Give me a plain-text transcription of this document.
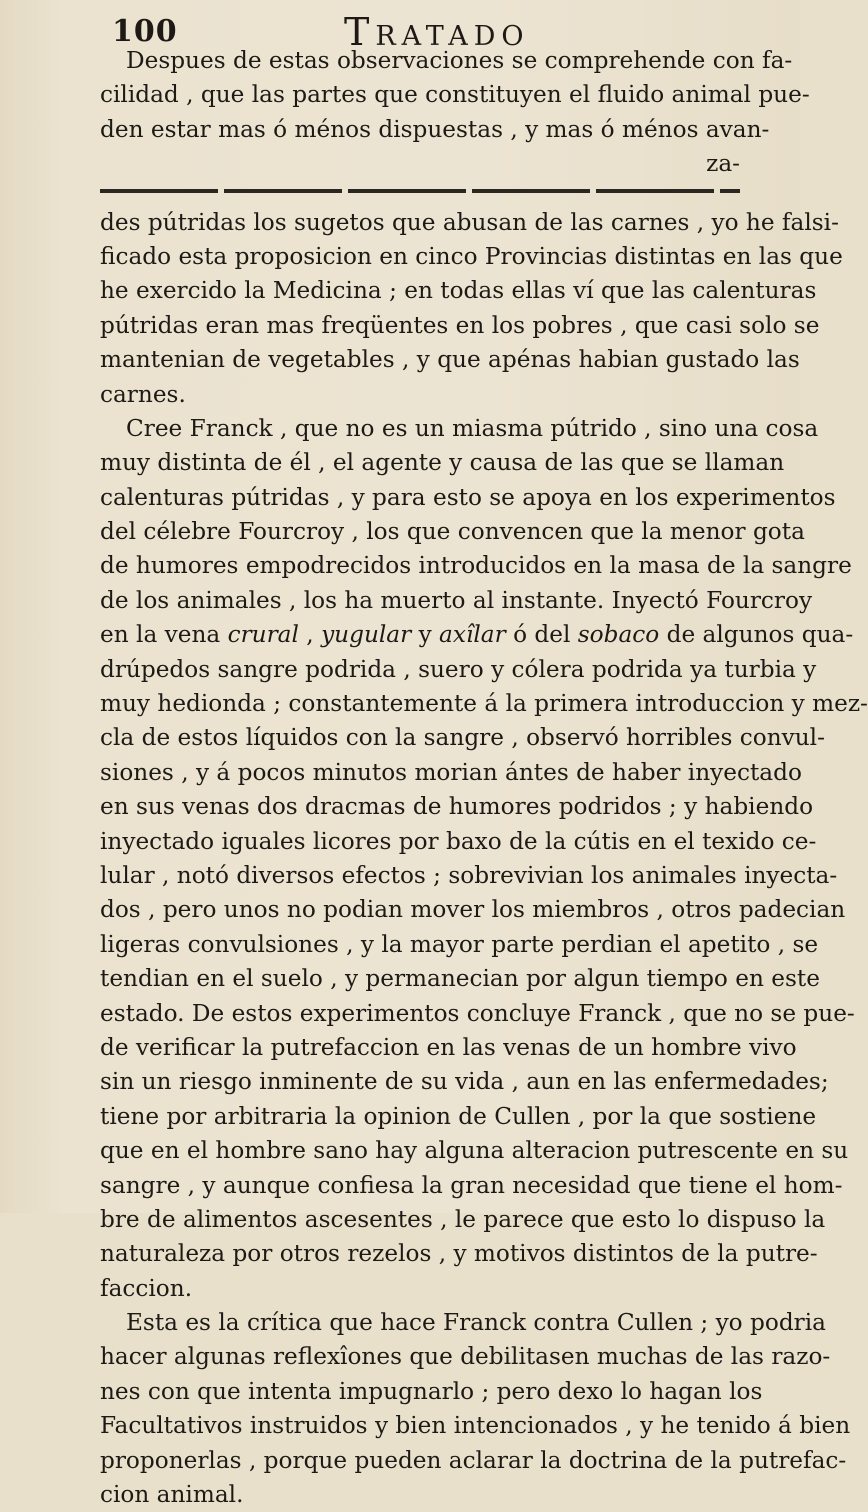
100	Tratado
Despues de estas observaciones se comprehende con fa-
cilidad , que las partes que constituyen el fluido animal pue-
den estar mas ó ménos dispuestas , y mas ó ménos avan-
za-
des pútridas los sugetos que abusan de las carnes , yo he falsi-
ficado esta proposicion en cinco Provincias distintas en las que
he exercido la Medicina ; en todas ellas ví que las calenturas
pútridas eran mas freqüentes en los pobres , que casi solo se
mantenian de vegetables , y que apénas habian gustado las
carnes.
Cree Franck , que no es un miasma pútrido , sino una cosa
muy distinta de él , el agente y causa de las que se llaman
calenturas pútridas , y para esto se apoya en los experimentos
del célebre Fourcroy , los que convencen que la menor gota
de humores empodrecidos introducidos en la masa de la sangre
de los animales , los ha muerto al instante. Inyectó Fourcroy
en la vena crural , yugular y axîlar ó del sobaco de algunos qua-
drúpedos sangre podrida , suero y cólera podrida ya turbia y
muy hedionda ; constantemente á la primera introduccion y mez-
cla de estos líquidos con la sangre , observó horribles convul-
siones , y á pocos minutos morian ántes de haber inyectado
en sus venas dos dracmas de humores podridos ; y habiendo
inyectado iguales licores por baxo de la cútis en el texido ce-
lular , notó diversos efectos ; sobrevivian los animales inyecta-
dos , pero unos no podian mover los miembros , otros padecian
ligeras convulsiones , y la mayor parte perdian el apetito , se
tendian en el suelo , y permanecian por algun tiempo en este
estado. De estos experimentos concluye Franck , que no se pue-
de verificar la putrefaccion en las venas de un hombre vivo
sin un riesgo inminente de su vida , aun en las enfermedades;
tiene por arbitraria la opinion de Cullen , por la que sostiene
que en el hombre sano hay alguna alteracion putrescente en su
sangre , y aunque confiesa la gran necesidad que tiene el hom-
bre de alimentos ascesentes , le parece que esto lo dispuso la
naturaleza por otros rezelos , y motivos distintos de la putre-
faccion.
Esta es la crítica que hace Franck contra Cullen ; yo podria
hacer algunas reflexîones que debilitasen muchas de las razo-
nes con que intenta impugnarlo ; pero dexo lo hagan los
Facultativos instruidos y bien intencionados , y he tenido á bien
proponerlas , porque pueden aclarar la doctrina de la putrefac-
cion animal.
